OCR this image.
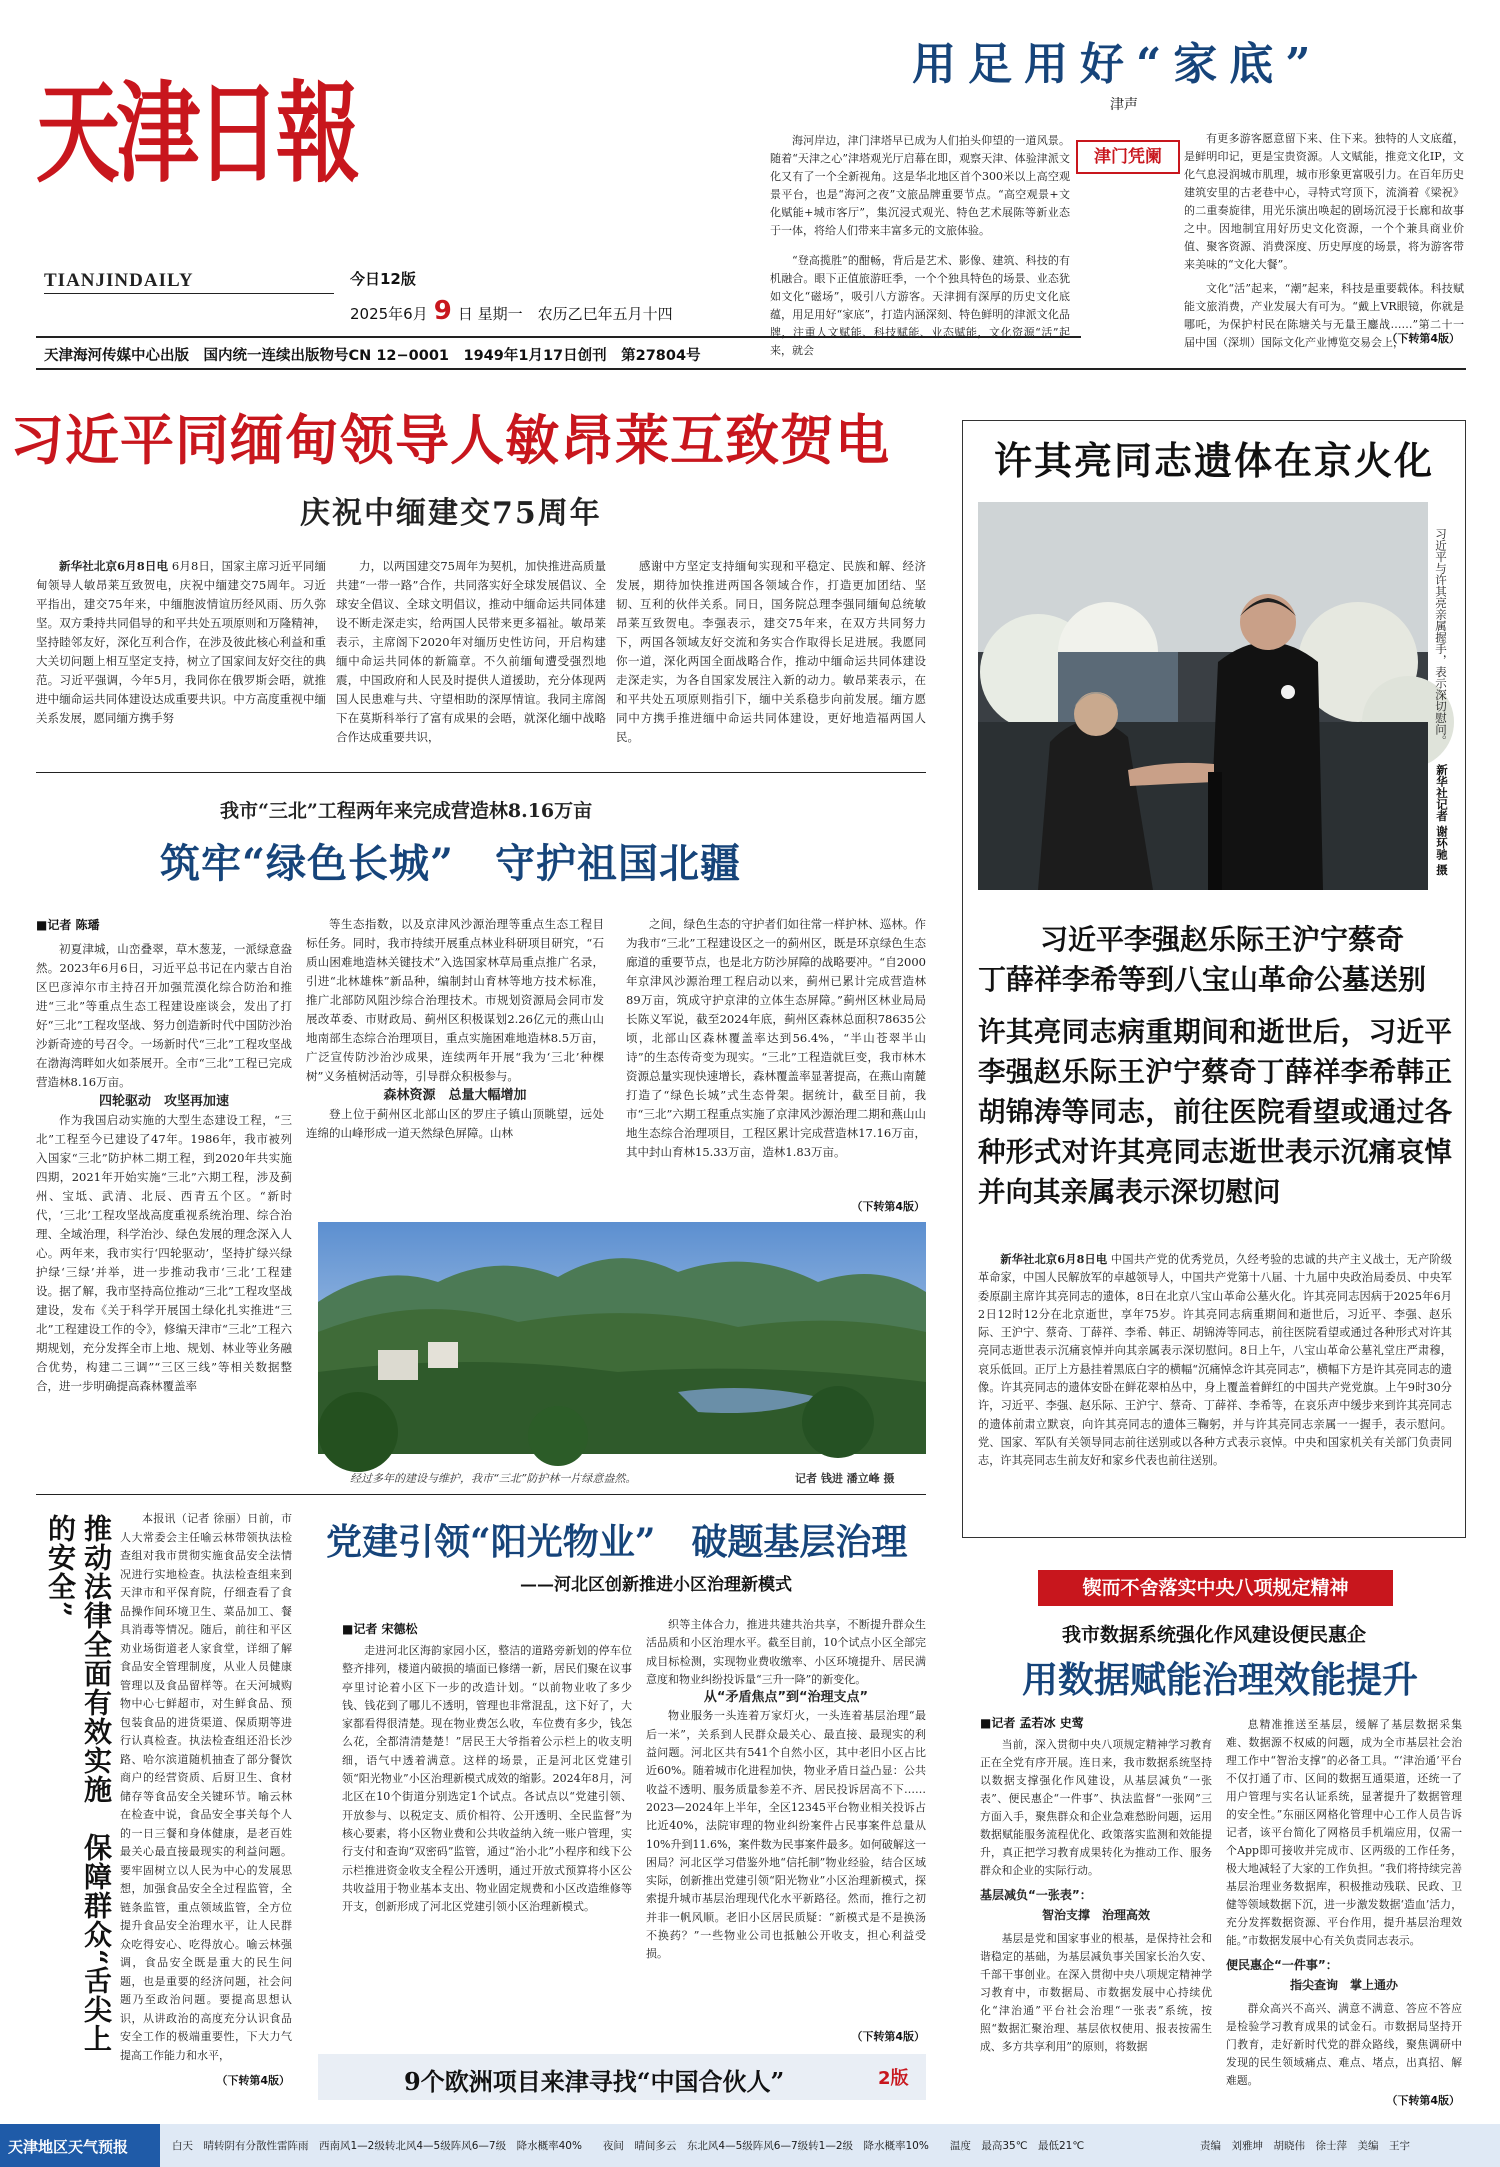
天津日報
TIANJINDAILY	今日12版
2025年6月 9 日 星期一　农历乙巳年五月十四
天津海河传媒中心出版　国内统一连续出版物号CN 12−0001　1949年1月17日创刊　第27804号
用足用好“家底”
津声

海河岸边，津门津塔早已成为人们拍头仰望的一道风景。随着“天津之心”津塔观光厅启幕在即，观察天津、体验津派文化又有了一个全新视角。这是华北地区首个300米以上高空观景平台，也是“海河之夜”文旅品牌重要节点。“高空观景+文化赋能+城市客厅”，集沉浸式观光、特色艺术展陈等新业态于一体，将给人们带来丰富多元的文旅体验。

津门凭阑

“登高揽胜”的酣畅，背后是艺术、影像、建筑、科技的有机融合。眼下正值旅游旺季，一个个独具特色的场景、业态犹如文化“磁场”，吸引八方游客。天津拥有深厚的历史文化底蕴，用足用好“家底”，打造内涵深刻、特色鲜明的津派文化品牌，注重人文赋能、科技赋能、业态赋能，文化资源“活”起来，就会

有更多游客愿意留下来、住下来。独特的人文底蕴，是鲜明印记，更是宝贵资源。人文赋能，推竞文化IP，文化气息浸润城市肌理，城市形象更富吸引力。在百年历史建筑安里的古老巷中心，寻特式穹顶下，流淌着《梁祝》的二重奏旋律，用光乐演出唤起的剧场沉浸于长廊和故事之中。因地制宜用好历史文化资源，一个个兼具商业价值、聚客资源、消费深度、历史厚度的场景，将为游客带来美味的“文化大餐”。

文化“活”起来，“潮”起来，科技是重要载体。科技赋能文旅消费，产业发展大有可为。“戴上VR眼镜，你就是哪吒，为保护村民在陈塘关与无量王鏖战……”第二十一届中国（深圳）国际文化产业博览交易会上，

（下转第4版）
习近平同缅甸领导人敏昂莱互致贺电
庆祝中缅建交75周年

新华社北京6月8日电 6月8日，国家主席习近平同缅甸领导人敏昂莱互致贺电，庆祝中缅建交75周年。习近平指出，建交75年来，中缅胞波情谊历经风雨、历久弥坚。双方秉持共同倡导的和平共处五项原则和万隆精神，坚持睦邻友好，深化互利合作，在涉及彼此核心利益和重大关切问题上相互坚定支持，树立了国家间友好交往的典范。习近平强调，今年5月，我同你在俄罗斯会晤，就推进中缅命运共同体建设达成重要共识。中方高度重视中缅关系发展，愿同缅方携手努

力，以两国建交75周年为契机，加快推进高质量共建“一带一路”合作，共同落实好全球发展倡议、全球安全倡议、全球文明倡议，推动中缅命运共同体建设不断走深走实，给两国人民带来更多福祉。敏昂莱表示，主席阁下2020年对缅历史性访问，开启构建缅中命运共同体的新篇章。不久前缅甸遭受强烈地震，中国政府和人民及时提供人道援助，充分体现两国人民患难与共、守望相助的深厚情谊。我同主席阁下在莫斯科举行了富有成果的会晤，就深化缅中战略合作达成重要共识，

感谢中方坚定支持缅甸实现和平稳定、民族和解、经济发展，期待加快推进两国各领域合作，打造更加团结、坚韧、互利的伙伴关系。同日，国务院总理李强同缅甸总统敏昂莱互致贺电。李强表示，建交75年来，在双方共同努力下，两国各领域友好交流和务实合作取得长足进展。我愿同你一道，深化两国全面战略合作，推动中缅命运共同体建设走深走实，为各自国家发展注入新的动力。敏昂莱表示，在和平共处五项原则指引下，缅中关系稳步向前发展。缅方愿同中方携手推进缅中命运共同体建设，更好地造福两国人民。

许其亮同志遗体在京火化
习近平与许其亮亲属握手，表示深切慰问。
新华社记者 谢环驰 摄
习近平李强赵乐际王沪宁蔡奇
丁薛祥李希等到八宝山革命公墓送别
许其亮同志病重期间和逝世后，习近平李强赵乐际王沪宁蔡奇丁薛祥李希韩正胡锦涛等同志，前往医院看望或通过各种形式对许其亮同志逝世表示沉痛哀悼并向其亲属表示深切慰问

新华社北京6月8日电 中国共产党的优秀党员，久经考验的忠诚的共产主义战士，无产阶级革命家，中国人民解放军的卓越领导人，中国共产党第十八届、十九届中央政治局委员、中央军委原副主席许其亮同志的遗体，8日在北京八宝山革命公墓火化。许其亮同志因病于2025年6月2日12时12分在北京逝世，享年75岁。许其亮同志病重期间和逝世后，习近平、李强、赵乐际、王沪宁、蔡奇、丁薛祥、李希、韩正、胡锦涛等同志，前往医院看望或通过各种形式对许其亮同志逝世表示沉痛哀悼并向其亲属表示深切慰问。8日上午，八宝山革命公墓礼堂庄严肃穆，哀乐低回。正厅上方悬挂着黑底白字的横幅“沉痛悼念许其亮同志”，横幅下方是许其亮同志的遗像。许其亮同志的遗体安卧在鲜花翠柏丛中，身上覆盖着鲜红的中国共产党党旗。上午9时30分许，习近平、李强、赵乐际、王沪宁、蔡奇、丁薛祥、李希等，在哀乐声中缓步来到许其亮同志的遗体前肃立默哀，向许其亮同志的遗体三鞠躬，并与许其亮同志亲属一一握手，表示慰问。党、国家、军队有关领导同志前往送别或以各种方式表示哀悼。中央和国家机关有关部门负责同志，许其亮同志生前友好和家乡代表也前往送别。

我市“三北”工程两年来完成营造林8.16万亩
筑牢“绿色长城”　守护祖国北疆
■记者 陈璠

初夏津城，山峦叠翠，草木葱茏，一派绿意盎然。2023年6月6日，习近平总书记在内蒙古自治区巴彦淖尔市主持召开加强荒漠化综合防治和推进“三北”等重点生态工程建设座谈会，发出了打好“三北”工程攻坚战、努力创造新时代中国防沙治沙新奇迹的号召令。一场新时代“三北”工程攻坚战在渤海湾畔如火如荼展开。全市“三北”工程已完成营造林8.16万亩。

四轮驱动　攻坚再加速

作为我国启动实施的大型生态建设工程，“三北”工程至今已建设了47年。1986年，我市被列入国家“三北”防护林二期工程，到2020年共实施四期，2021年开始实施“三北”六期工程，涉及蓟州、宝坻、武清、北辰、西青五个区。“新时代，‘三北’工程攻坚战高度重视系统治理、综合治理、全域治理，科学治沙、绿色发展的理念深入人心。两年来，我市实行‘四轮驱动’，坚持扩绿兴绿护绿‘三绿’并举，进一步推动我市‘三北’工程建设。据了解，我市坚持高位推动“三北”工程攻坚战建设，发布《关于科学开展国土绿化扎实推进“三北”工程建设工作的令》，修编天津市“三北”工程六期规划，充分发挥全市上地、规划、林业等业务融合优势，构建二三调”“三区三线”等相关数据整合，进一步明确提高森林覆盖率

等生态指数，以及京津风沙源治理等重点生态工程目标任务。同时，我市持续开展重点林业科研项目研究，“石质山困难地造林关键技术”入选国家林草局重点推广名录，引进“北林雄株”新品种，编制封山育林等地方技术标准，推广北部防风阻沙综合治理技术。市规划资源局会同市发展改革委、市财政局、蓟州区积极谋划2.26亿元的燕山山地南部生态综合治理项目，重点实施困难地造林8.5万亩，广泛宣传防沙治沙成果，连续两年开展“我为‘三北’种棵树”义务植树活动等，引导群众积极参与。

森林资源　总量大幅增加

登上位于蓟州区北部山区的罗庄子镇山顶眺望，远处连绵的山峰形成一道天然绿色屏障。山林

之间，绿色生态的守护者们如往常一样护林、巡林。作为我市“三北”工程建设区之一的蓟州区，既是环京绿色生态廊道的重要节点，也是北方防沙屏障的战略要冲。“自2000年京津风沙源治理工程启动以来，蓟州已累计完成营造林89万亩，筑成守护京津的立体生态屏障。”蓟州区林业局局长陈义军说，截至2024年底，蓟州区森林总面积78635公顷，北部山区森林覆盖率达到56.4%，“半山苍翠半山诗”的生态传奇变为现实。“三北”工程造就巨变，我市林木资源总量实现快速增长，森林覆盖率显著提高，在燕山南麓打造了“绿色长城”式生态骨架。据统计，截至目前，我市“三北”六期工程重点实施了京津风沙源治理二期和燕山山地生态综合治理项目，工程区累计完成营造林17.16万亩，其中封山育林15.33万亩，造林1.83万亩。

（下转第4版）
经过多年的建设与维护，我市“三北”防护林一片绿意盎然。	记者 钱进 潘立峰 摄
推动法律全面有效实施　保障群众“舌尖上的安全”	本报讯（记者 徐丽）日前，市人大常委会主任喻云林带领执法检查组对我市贯彻实施食品安全法情况进行实地检查。执法检查组来到天津市和平保育院，仔细查看了食品操作间环境卫生、菜品加工、餐具消毒等情况。随后，前往和平区劝业场街道老人家食堂，详细了解食品安全管理制度，从业人员健康管理以及食品留样等。在天河城购物中心七鲜超市，对生鲜食品、预包装食品的进货渠道、保质期等进行认真检查。执法检查组还沿长沙路、哈尔滨道随机抽查了部分餐饮商户的经营资质、后厨卫生、食材储存等食品安全关键环节。喻云林在检查中说，食品安全事关每个人的一日三餐和身体健康，是老百姓最关心最直接最现实的利益问题。要牢固树立以人民为中心的发展思想，加强食品安全全过程监管，全链条监管，重点领域监管，全方位提升食品安全治理水平，让人民群众吃得安心、吃得放心。喻云林强调，食品安全既是重大的民生问题，也是重要的经济问题，社会问题乃至政治问题。要提高思想认识，从讲政治的高度充分认识食品安全工作的极端重要性，下大力气提高工作能力和水平，

（下转第4版）
党建引领“阳光物业”　破题基层治理
——河北区创新推进小区治理新模式
■记者 宋德松

走进河北区海韵家园小区，整洁的道路旁新划的停车位整齐排列，楼道内破损的墙面已修缮一新，居民们聚在议事亭里讨论着小区下一步的改造计划。“以前物业收了多少钱、钱花到了哪儿不透明，管理也非常混乱，这下好了，大家都看得很清楚。现在物业费怎么收，车位费有多少，钱怎么花，全都清清楚楚！”居民王大爷指着公示栏上的收支明细，语气中透着满意。这样的场景，正是河北区党建引领“阳光物业”小区治理新模式成效的缩影。2024年8月，河北区在10个街道分别选定1个试点。各试点以“党建引领、开放参与、以税定支、质价相符、公开透明、全民监督”为核心要素，将小区物业费和公共收益纳入统一账户管理，实行支付和查询“双密码”监管，通过“治小北”小程序和线下公示栏推进资金收支全程公开透明，通过开放式预算将小区公共收益用于物业基本支出、物业固定规费和小区改造维修等开支，创新形成了河北区党建引领小区治理新模式。

织等主体合力，推进共建共治共享，不断提升群众生活品质和小区治理水平。截至目前，10个试点小区全部完成目标检测，实现物业费收缴率、小区环境提升、居民满意度和物业纠纷投诉量“三升一降”的新变化。

从“矛盾焦点”到“治理支点”

物业服务一头连着万家灯火，一头连着基层治理“最后一米”，关系到人民群众最关心、最直接、最现实的利益问题。河北区共有541个自然小区，其中老旧小区占比近60%。随着城市化进程加快，物业矛盾日益凸显：公共收益不透明、服务质量参差不齐、居民投诉居高不下……2023—2024年上半年，全区12345平台物业相关投诉占比近40%，法院审理的物业纠纷案件占民事案件总量从10%升到11.6%，案件数为民事案件最多。如何破解这一困局？河北区学习借鉴外地“信托制”物业经验，结合区域实际，创新推出党建引领“阳光物业”小区治理新模式，探索提升城市基层治理现代化水平新路径。然而，推行之初并非一帆风顺。老旧小区居民质疑：“新模式是不是换汤不换药？”一些物业公司也抵触公开收支，担心利益受损。

（下转第4版）
9个欧洲项目来津寻找“中国合伙人”	2版
锲而不舍落实中央八项规定精神
我市数据系统强化作风建设便民惠企
用数据赋能治理效能提升
■记者 孟若冰 史莺

当前，深入贯彻中央八项规定精神学习教育正在全党有序开展。连日来，我市数据系统坚持以数据支撑强化作风建设，从基层减负“一张表”、便民惠企“一件事”、执法监督“一张网”三方面入手，聚焦群众和企业急难愁盼问题，运用数据赋能服务流程优化、政策落实监测和效能提升，真正把学习教育成果转化为推动工作、服务群众和企业的实际行动。

基层减负“一张表”：

智治支撑　治理高效

基层是党和国家事业的根基，是保持社会和谐稳定的基础，为基层减负事关国家长治久安、千部干事创业。在深入贯彻中央八项规定精神学习教育中，市数据局、市数据发展中心持续优化“津治通”平台社会治理“一张表”系统，按照“数据汇聚治理、基层依权使用、报表按需生成、多方共享利用”的原则，将数据

息精准推送至基层，缓解了基层数据采集难、数据源不权威的问题，成为全市基层社会治理工作中“智治支撑”的必备工具。“‘津治通’平台不仅打通了市、区间的数据互通渠道，还统一了用户管理与实名认证系统，显著提升了数据管理的安全性。”东丽区网格化管理中心工作人员告诉记者，该平台简化了网格员手机端应用，仅需一个App即可接收并完成市、区两级的工作任务，极大地减轻了大家的工作负担。“我们将持续完善基层治理业务数据库，积极推动残联、民政、卫健等领域数据下沉，进一步激发数据‘造血’活力，充分发挥数据资源、平台作用，提升基层治理效能。”市数据发展中心有关负责同志表示。

便民惠企“一件事”：

指尖查询　掌上通办

群众高兴不高兴、满意不满意、答应不答应是检验学习教育成果的试金石。市数据局坚持开门教育，走好新时代党的群众路线，聚焦调研中发现的民生领域痛点、难点、堵点，出真招、解难题。

（下转第4版）
天津地区天气预报	白天　晴转阴有分散性雷阵雨　西南风1—2级转北风4—5级阵风6—7级　降水概率40%　　夜间　晴间多云　东北风4—5级阵风6—7级转1—2级　降水概率10%　　温度　最高35℃　最低21℃	责编　刘雅坤　胡晓伟　徐士萍　美编　王宇
